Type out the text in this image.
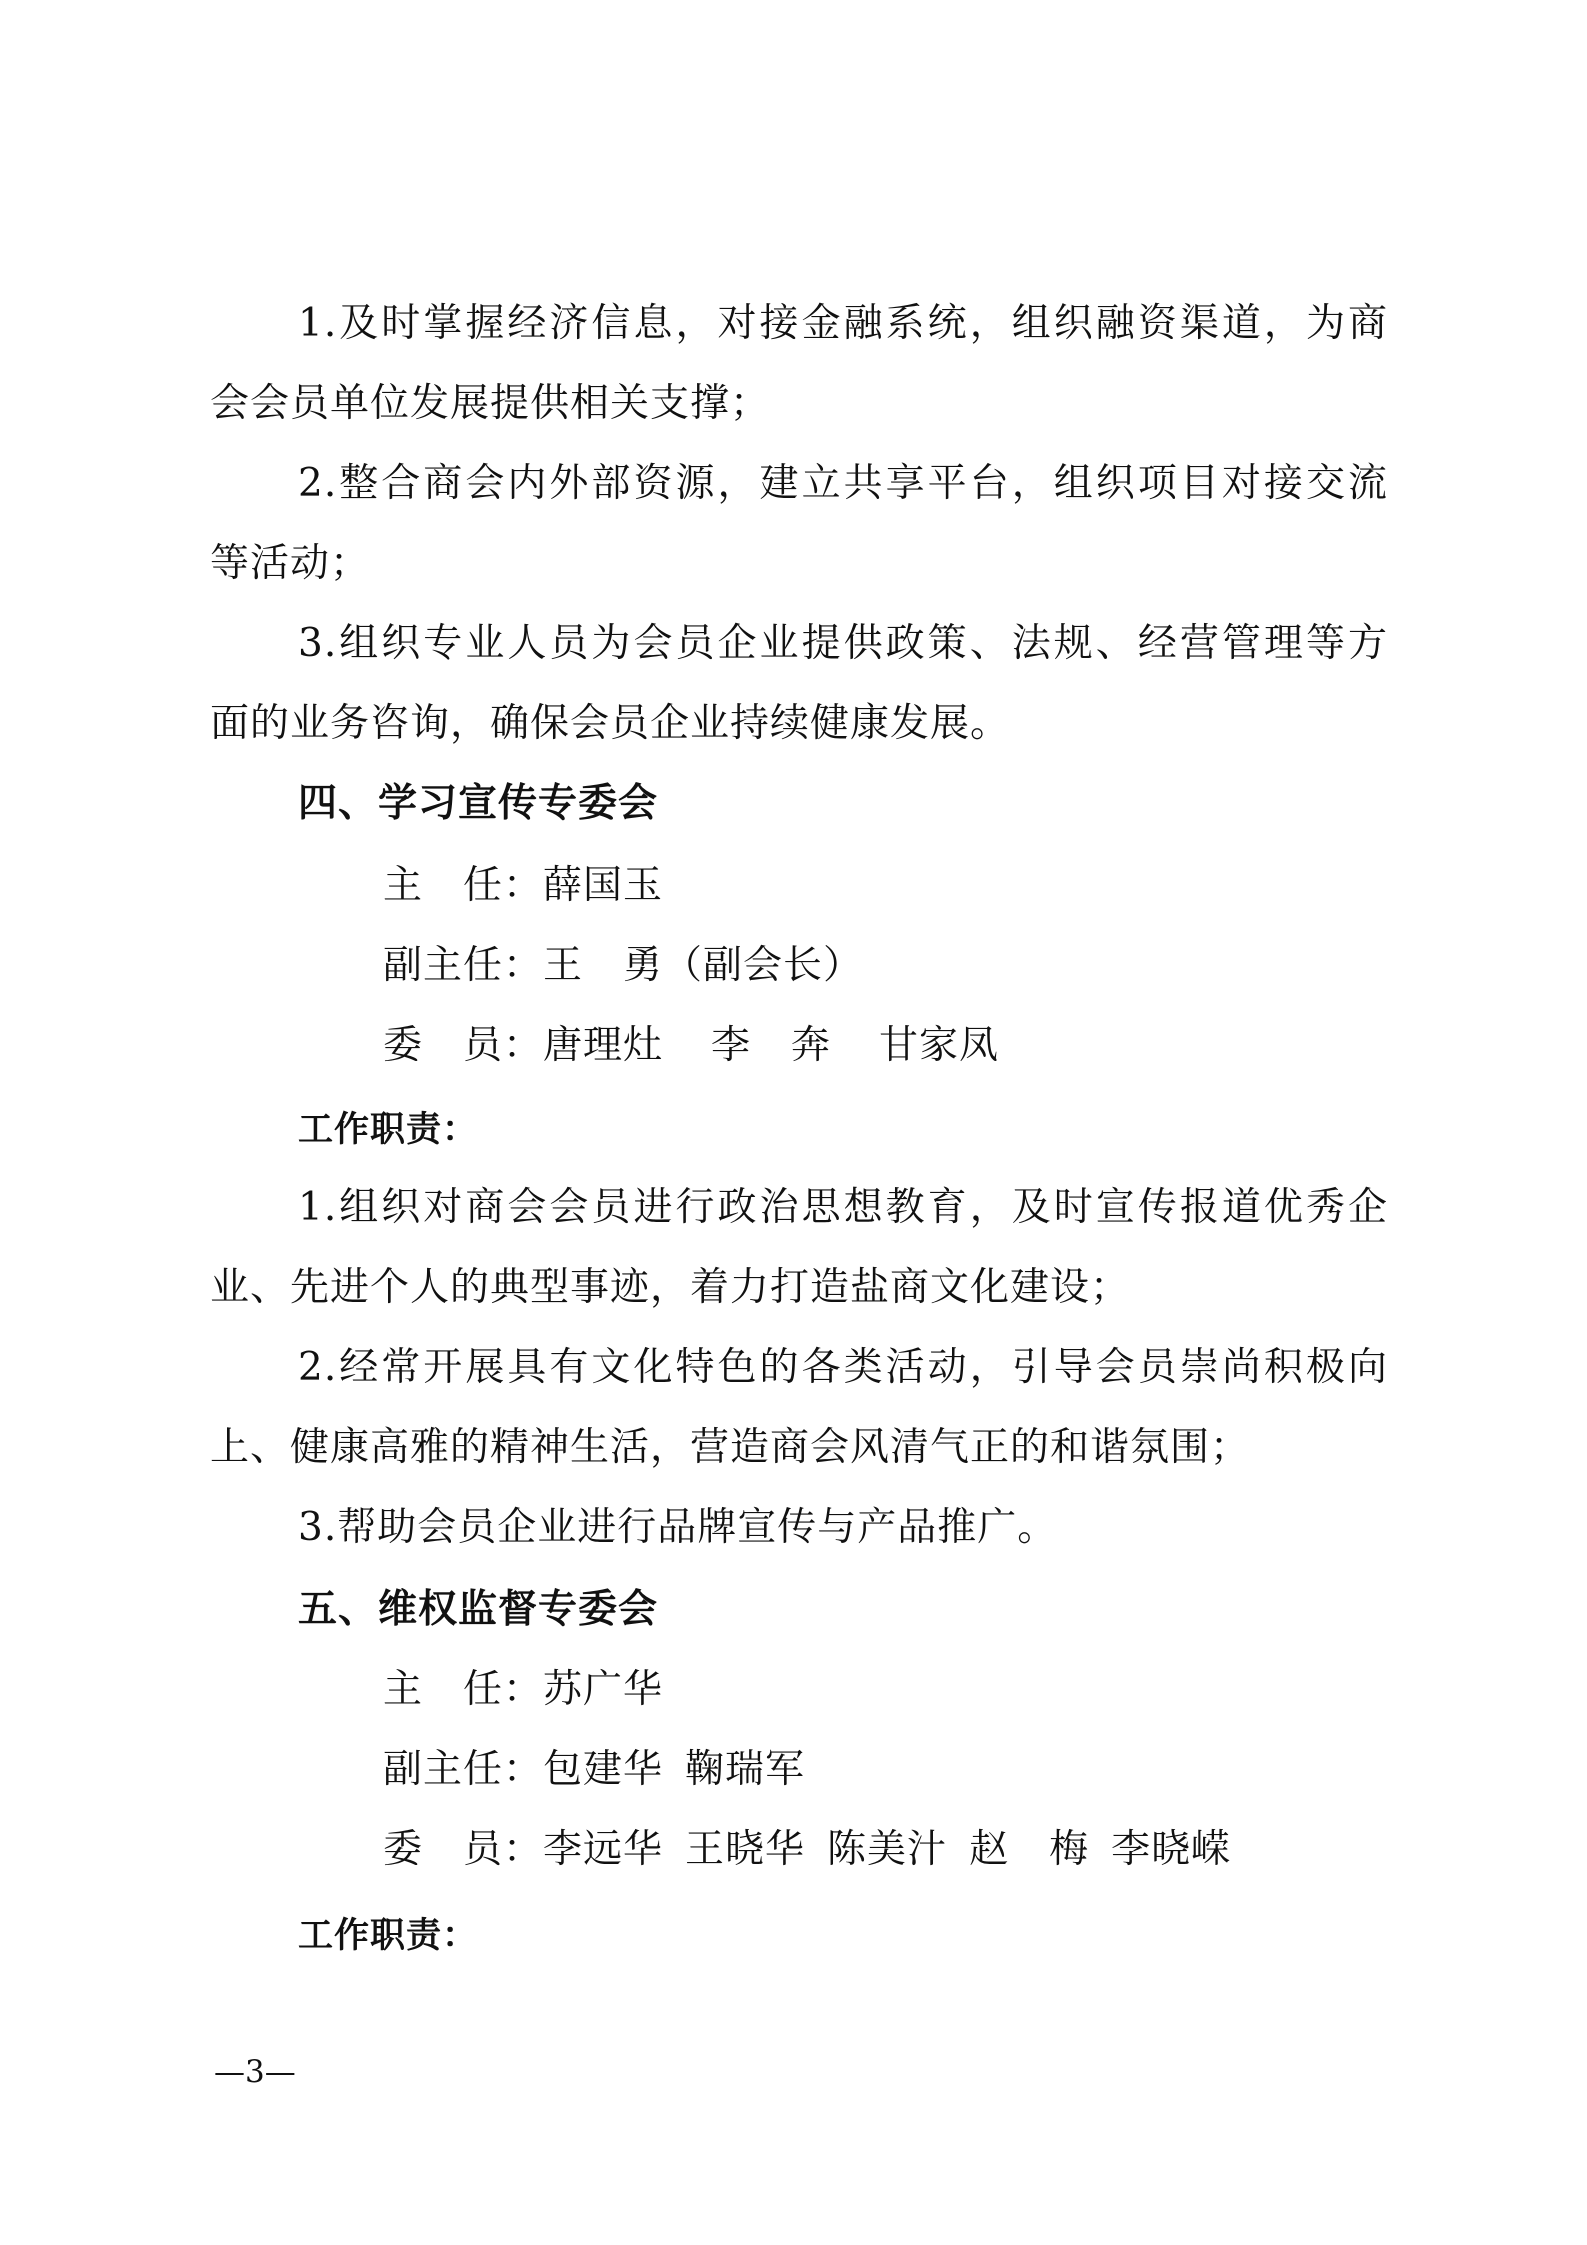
1.及时掌握经济信息，对接金融系统，组织融资渠道，为商
会会员单位发展提供相关支撑；
2.整合商会内外部资源，建立共享平台，组织项目对接交流
等活动；
3.组织专业人员为会员企业提供政策、法规、经营管理等方
面的业务咨询，确保会员企业持续健康发展。
四、学习宣传专委会
主　任：薛国玉
副主任：王　勇（副会长）
委　员：唐理灶 李　奔 甘家凤
工作职责：
1.组织对商会会员进行政治思想教育，及时宣传报道优秀企
业、先进个人的典型事迹，着力打造盐商文化建设；
2.经常开展具有文化特色的各类活动，引导会员崇尚积极向
上、健康高雅的精神生活，营造商会风清气正的和谐氛围；
3.帮助会员企业进行品牌宣传与产品推广。
五、维权监督专委会
主　任：苏广华
副主任：包建华 鞠瑞军
委　员：李远华 王晓华 陈美汁 赵　梅 李晓嵘
工作职责：
—3—
